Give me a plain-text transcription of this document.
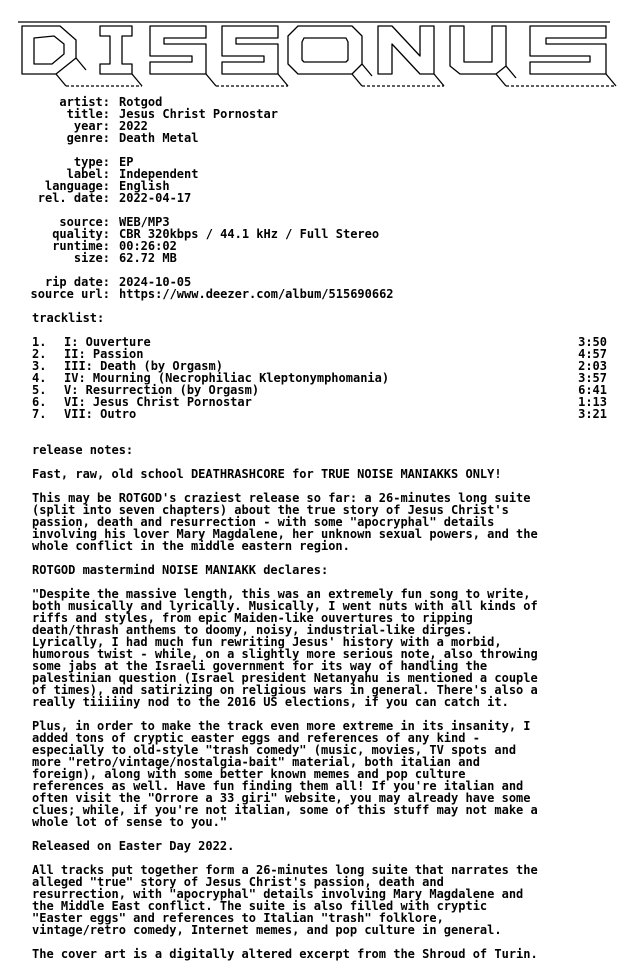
DISSONUS
artist: Rotgod
title: Jesus Christ Pornostar
year: 2022
genre: Death Metal
type: EP
label: Independent
language: English
rel. date: 2022-04-17
source: WEB/MP3
quality: CBR 320kbps / 44.1 kHz / Full Stereo
runtime: 00:26:02
size: 62.72 MB
rip date: 2024-10-05
source url: https://www.deezer.com/album/515690662
tracklist:
1. I: Ouverture	3:50
2. II: Passion	4:57
3. III: Death (by Orgasm)	2:03
4. IV: Mourning (Necrophiliac Kleptonymphomania)	3:57
5. V: Resurrection (by Orgasm)	6:41
6. VI: Jesus Christ Pornostar	1:13
7. VII: Outro	3:21
release notes:
Fast, raw, old school DEATHRASHCORE for TRUE NOISE MANIAKKS ONLY!
This may be ROTGOD's craziest release so far: a 26-minutes long suite
(split into seven chapters) about the true story of Jesus Christ's
passion, death and resurrection - with some "apocryphal" details
involving his lover Mary Magdalene, her unknown sexual powers, and the
whole conflict in the middle eastern region.
ROTGOD mastermind NOISE MANIAKK declares:
"Despite the massive length, this was an extremely fun song to write,
both musically and lyrically. Musically, I went nuts with all kinds of
riffs and styles, from epic Maiden-like ouvertures to ripping
death/thrash anthems to doomy, noisy, industrial-like dirges.
Lyrically, I had much fun rewriting Jesus' history with a morbid,
humorous twist - while, on a slightly more serious note, also throwing
some jabs at the Israeli government for its way of handling the
palestinian question (Israel president Netanyahu is mentioned a couple
of times), and satirizing on religious wars in general. There's also a
really tiiiiiny nod to the 2016 US elections, if you can catch it.
Plus, in order to make the track even more extreme in its insanity, I
added tons of cryptic easter eggs and references of any kind -
especially to old-style "trash comedy" (music, movies, TV spots and
more "retro/vintage/nostalgia-bait" material, both italian and
foreign), along with some better known memes and pop culture
references as well. Have fun finding them all! If you're italian and
often visit the "Orrore a 33 giri" website, you may already have some
clues; while, if you're not italian, some of this stuff may not make a
whole lot of sense to you."
Released on Easter Day 2022.
All tracks put together form a 26-minutes long suite that narrates the
alleged "true" story of Jesus Christ's passion, death and
resurrection, with "apocryphal" details involving Mary Magdalene and
the Middle East conflict. The suite is also filled with cryptic
"Easter eggs" and references to Italian "trash" folklore,
vintage/retro comedy, Internet memes, and pop culture in general.
The cover art is a digitally altered excerpt from the Shroud of Turin.
